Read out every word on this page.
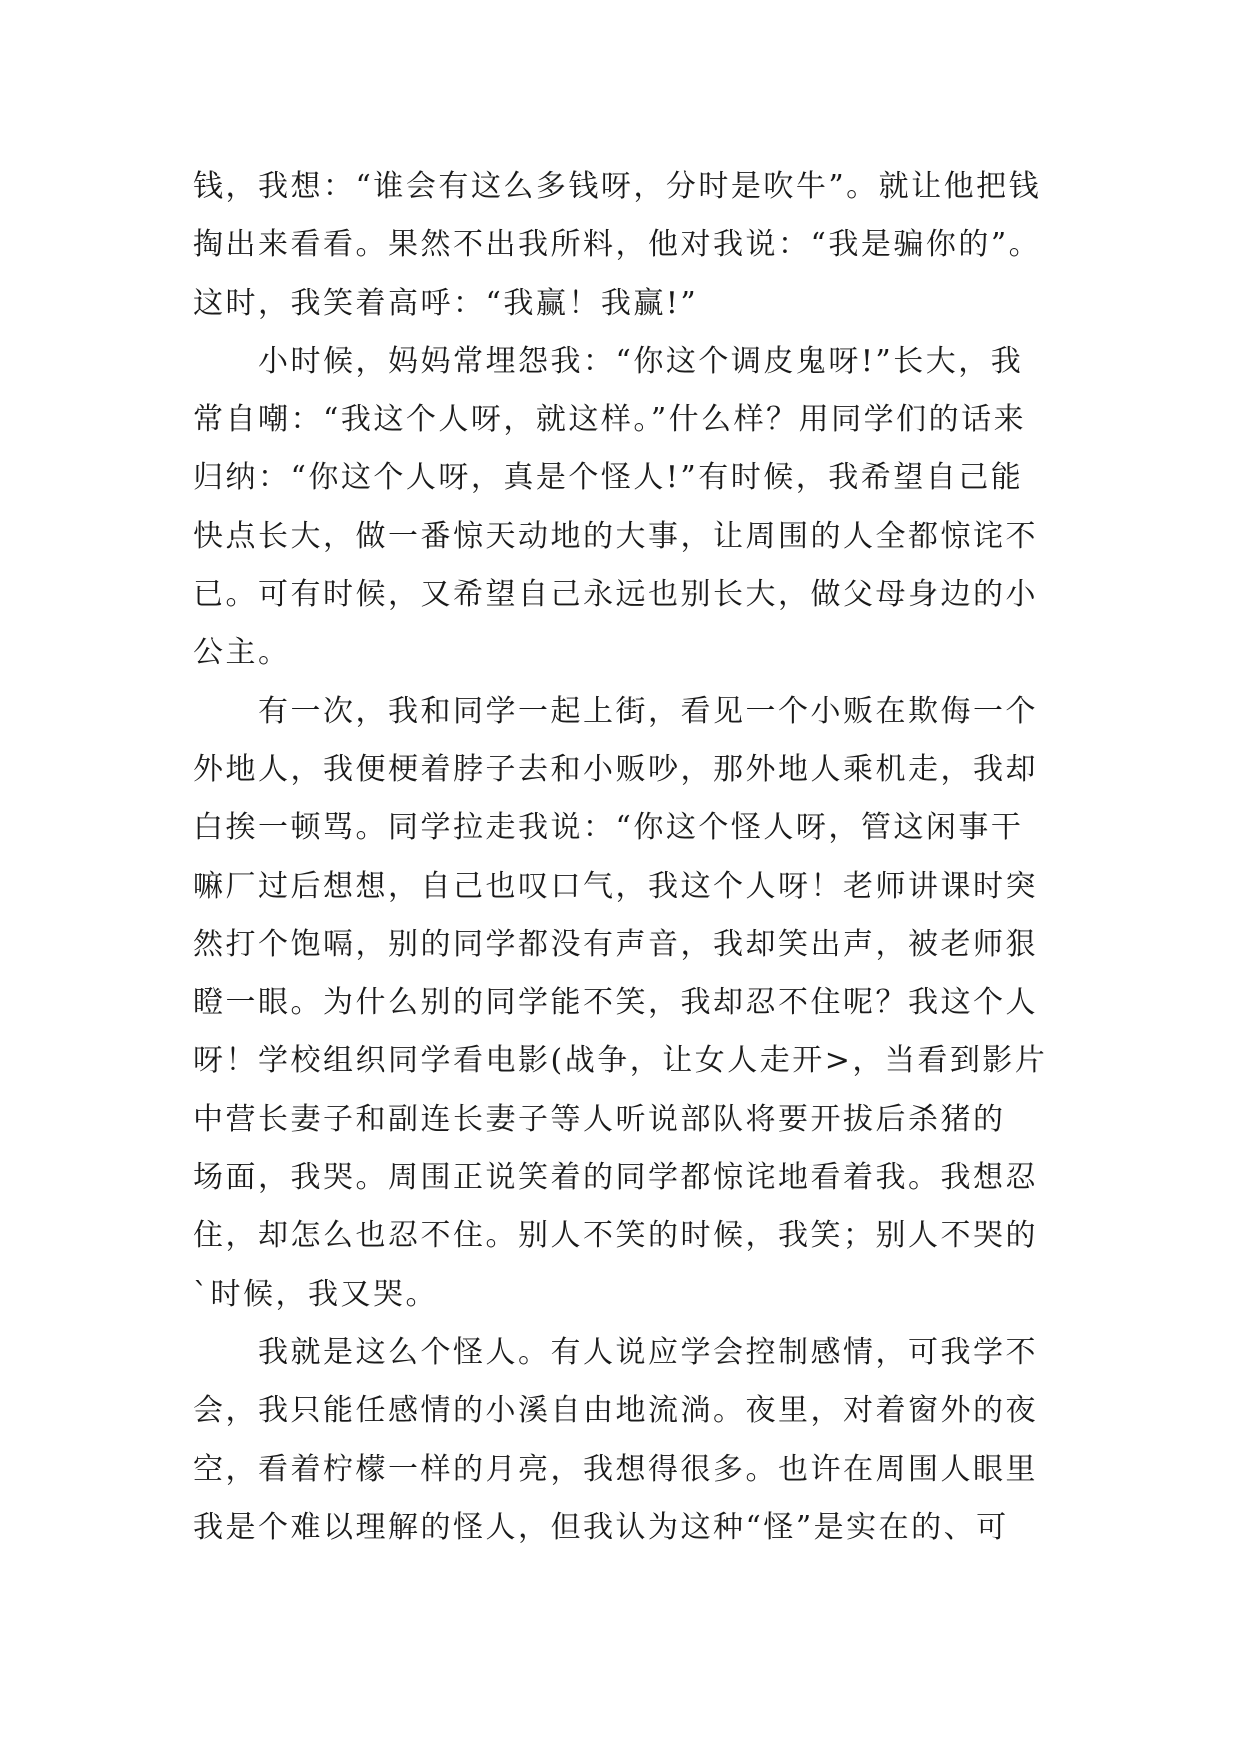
钱，我想：“谁会有这么多钱呀，分时是吹牛”。就让他把钱
掏出来看看。果然不出我所料，他对我说：“我是骗你的”。
这时，我笑着高呼：“我赢！我赢!”
　　小时候，妈妈常埋怨我：“你这个调皮鬼呀!”长大，我
常自嘲：“我这个人呀，就这样。”什么样？用同学们的话来
归纳：“你这个人呀，真是个怪人!”有时候，我希望自己能
快点长大，做一番惊天动地的大事，让周围的人全都惊诧不
已。可有时候，又希望自己永远也别长大，做父母身边的小
公主。
　　有一次，我和同学一起上街，看见一个小贩在欺侮一个
外地人，我便梗着脖子去和小贩吵，那外地人乘机走，我却
白挨一顿骂。同学拉走我说：“你这个怪人呀，管这闲事干
嘛厂过后想想，自己也叹口气，我这个人呀！老师讲课时突
然打个饱嗝，别的同学都没有声音，我却笑出声，被老师狠
瞪一眼。为什么别的同学能不笑，我却忍不住呢？我这个人
呀！学校组织同学看电影(战争，让女人走开>，当看到影片
中营长妻子和副连长妻子等人听说部队将要开拔后杀猪的
场面，我哭。周围正说笑着的同学都惊诧地看着我。我想忍
住，却怎么也忍不住。别人不笑的时候，我笑；别人不哭的
`时候，我又哭。
　　我就是这么个怪人。有人说应学会控制感情，可我学不
会，我只能任感情的小溪自由地流淌。夜里，对着窗外的夜
空，看着柠檬一样的月亮，我想得很多。也许在周围人眼里
我是个难以理解的怪人，但我认为这种“怪”是实在的、可
